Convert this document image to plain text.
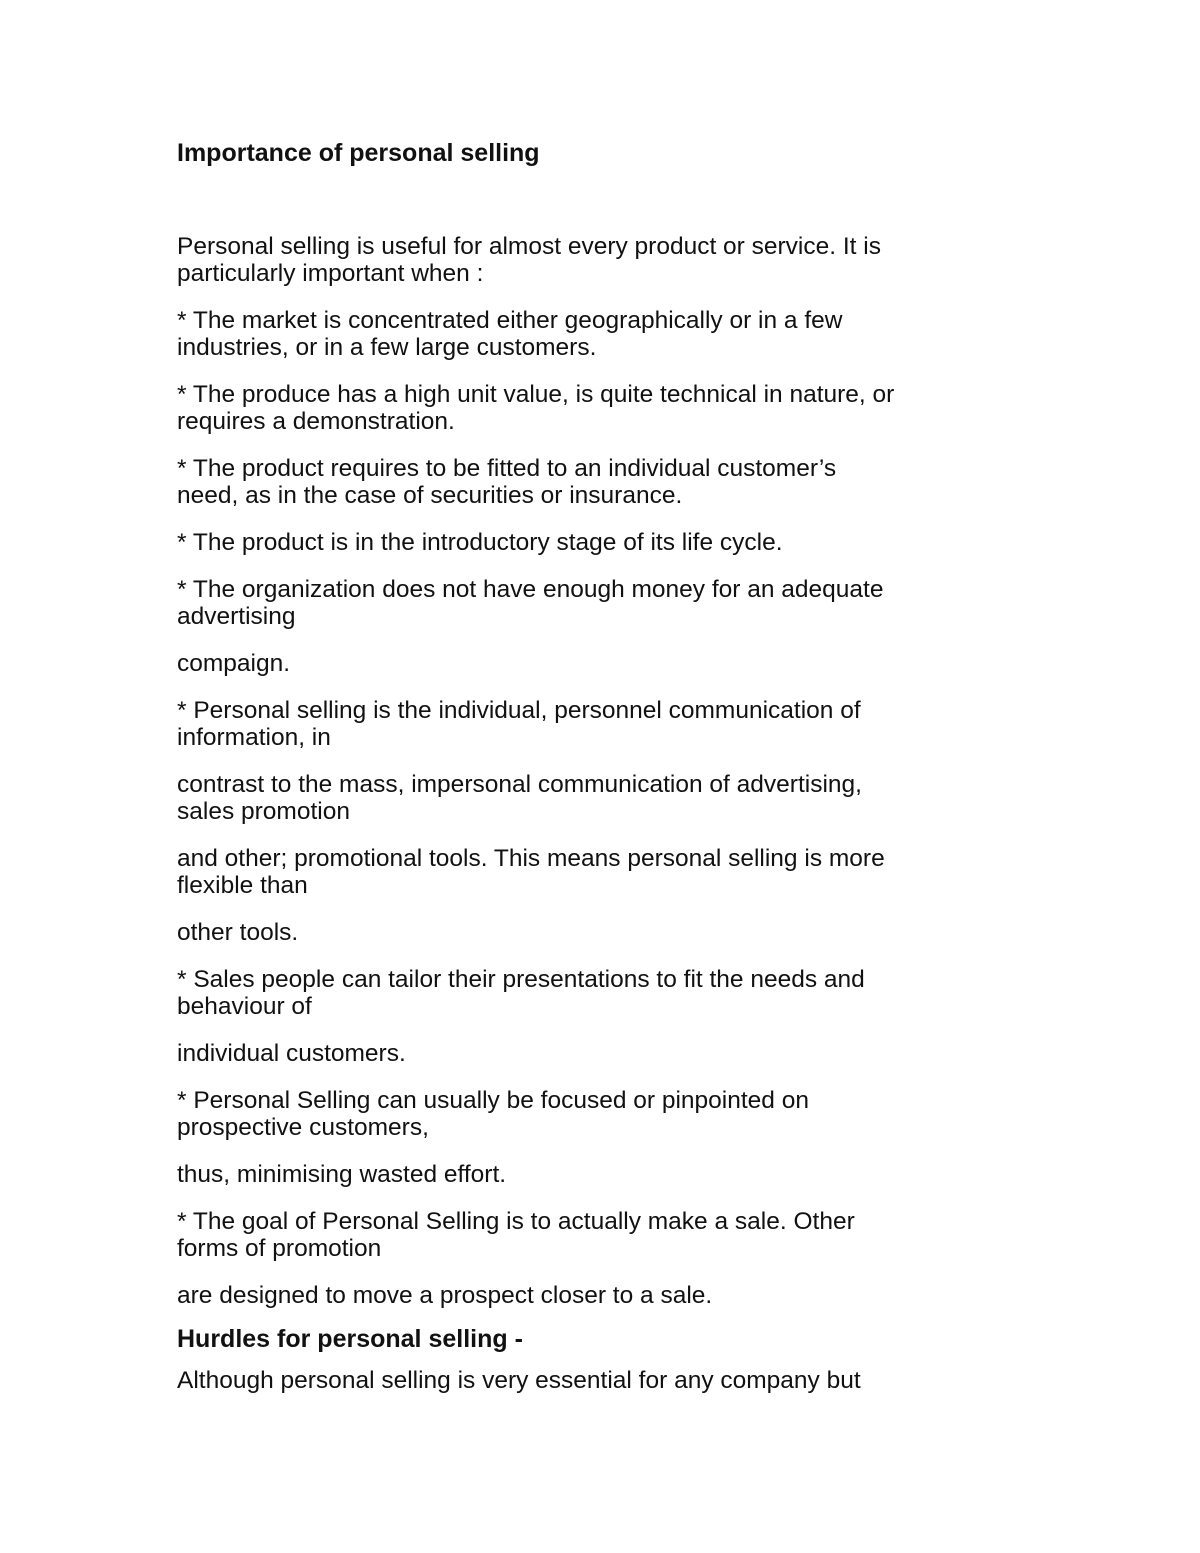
Importance of personal selling

Personal selling is useful for almost every product or service. It is
particularly important when :

* The market is concentrated either geographically or in a few
industries, or in a few large customers.

* The produce has a high unit value, is quite technical in nature, or
requires a demonstration.

* The product requires to be fitted to an individual customer’s
need, as in the case of securities or insurance.

* The product is in the introductory stage of its life cycle.

* The organization does not have enough money for an adequate
advertising

compaign.

* Personal selling is the individual, personnel communication of
information, in

contrast to the mass, impersonal communication of advertising,
sales promotion

and other; promotional tools. This means personal selling is more
flexible than

other tools.

* Sales people can tailor their presentations to fit the needs and
behaviour of

individual customers.

* Personal Selling can usually be focused or pinpointed on
prospective customers,

thus, minimising wasted effort.

* The goal of Personal Selling is to actually make a sale. Other
forms of promotion

are designed to move a prospect closer to a sale.

Hurdles for personal selling -

Although personal selling is very essential for any company but
